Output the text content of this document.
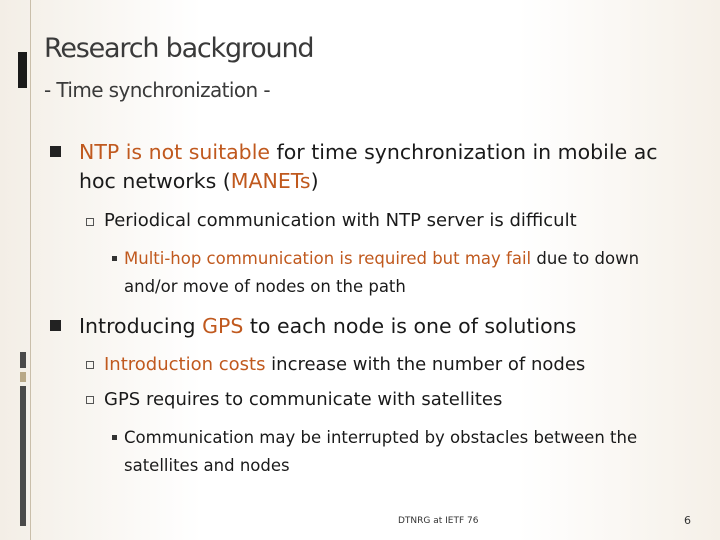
Research background
- Time synchronization -

NTP is not suitable for time synchronization in mobile ac hoc networks (MANETs)

Periodical communication with NTP server is difficult

Multi-hop communication is required but may fail due to down and/or move of nodes on the path

Introducing GPS to each node is one of solutions

Introduction costs increase with the number of nodes

GPS requires to communicate with satellites

Communication may be interrupted by obstacles between the satellites and nodes

DTNRG at IETF 76	6
